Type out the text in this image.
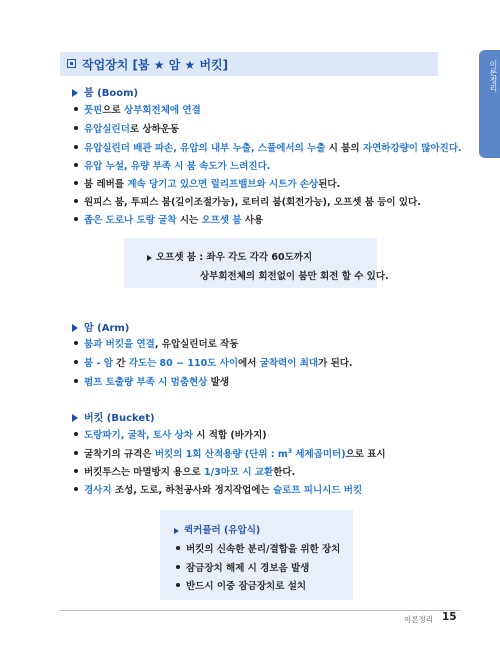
작업장치 [붐 ★ 암 ★ 버킷]	이론정리
붐 (Boom)
풋핀으로 상부회전체에 연결
유압실린더로 상하운동
유압실린더 배관 파손, 유압의 내부 누출, 스풀에서의 누출 시 붐의 자연하강량이 많아진다.
유압 누설, 유량 부족 시 붐 속도가 느려진다.
붐 레버를 계속 당기고 있으면 릴리프밸브와 시트가 손상된다.
원피스 붐, 투피스 붐(길이조절가능), 로터리 붐(회전가능), 오프셋 붐 등이 있다.
좁은 도로나 도랑 굴착 시는 오프셋 붐 사용
오프셋 붐 : 좌우 각도 각각 60도까지
상부회전체의 회전없이 붐만 회전 할 수 있다.
암 (Arm)
붐과 버킷을 연결, 유압실린더로 작동
붐 - 암 간 각도는 80 ~ 110도 사이에서 굴착력이 최대가 된다.
펌프 토출량 부족 시 멈춤현상 발생
버킷 (Bucket)
도랑파기, 굴착, 토사 상차 시 적합 (바가지)
굴착기의 규격은 버킷의 1회 산적용량 (단위 : $m^3$ 세제곱미터)으로 표시
버킷투스는 마멸방지 용으로 1/3마모 시 교환한다.
경사지 조성, 도로, 하천공사와 정지작업에는 슬로프 피니시드 버킷
퀵커플러 (유압식)
버킷의 신속한 분리/결합을 위한 장치
잠금장치 해제 시 경보음 발생
반드시 이중 잠금장치로 설치
이론정리 15
